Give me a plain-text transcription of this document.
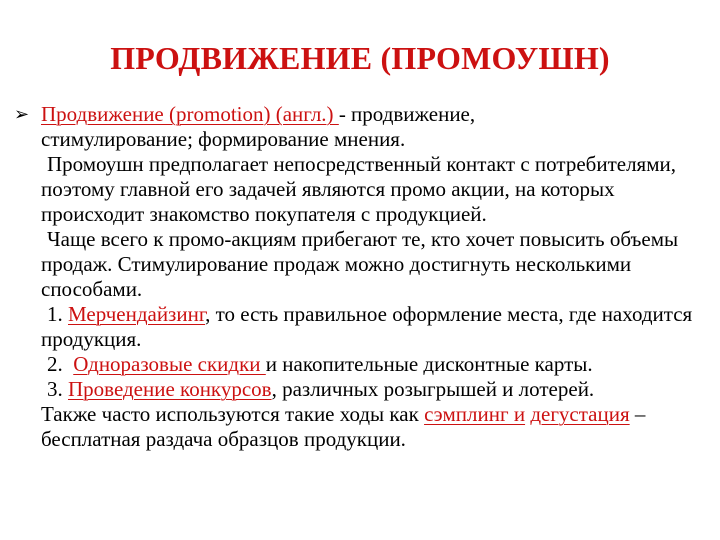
ПРОДВИЖЕНИЕ (ПРОМОУШН)

➢ Продвижение (promotion) (англ.) - продвижение,
стимулирование; формирование мнения.

Промоушн предполагает непосредственный контакт с потребителями, поэтому главной его задачей являются промо акции, на которых происходит знакомство покупателя с продукцией.

Чаще всего к промо-акциям прибегают те, кто хочет повысить объемы продаж. Стимулирование продаж можно достигнуть несколькими способами.

1. Мерчендайзинг, то есть правильное оформление места, где находится продукция.

2.  Одноразовые скидки и накопительные дисконтные карты.

3. Проведение конкурсов, различных розыгрышей и лотерей.

Также часто используются такие ходы как сэмплинг и дегустация – бесплатная раздача образцов продукции.
